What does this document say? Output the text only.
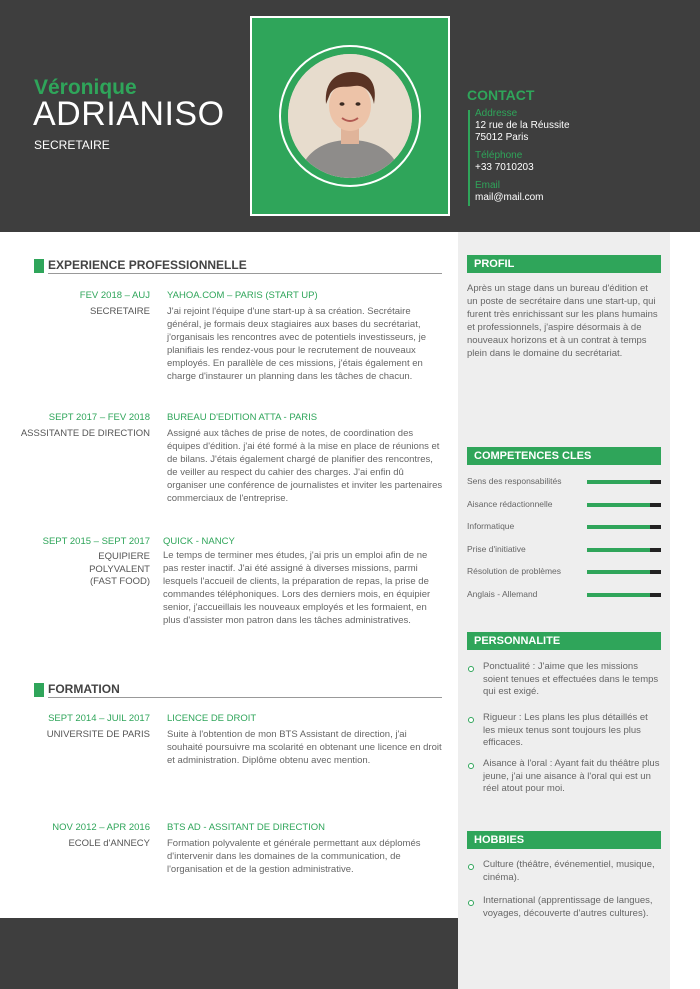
Véronique
ADRIANISO
SECRETAIRE
CONTACT
Addresse
12 rue de la Réussite
75012 Paris
Téléphone
+33 7010203
Email
mail@mail.com
PROFIL
Après un stage dans un bureau d'édition et un poste de secrétaire dans une start-up, qui furent très enrichissant sur les plans humains et professionnels, j'aspire désormais à de nouveaux horizons et à un contrat à temps plein dans le domaine du secrétariat.
COMPETENCES CLES
Sens des responsabilités
Aisance rédactionnelle
Informatique
Prise d'initiative
Résolution de problèmes
Anglais - Allemand
PERSONNALITE
Ponctualité : J'aime que les missions soient tenues et effectuées dans le temps qui est exigé.
Rigueur : Les plans les plus détaillés et les mieux tenus sont toujours les plus efficaces.
Aisance à l'oral : Ayant fait du théâtre plus jeune, j'ai une aisance à l'oral qui est un réel atout pour moi.
HOBBIES
Culture (théâtre, événementiel, musique, cinéma).
International (apprentissage de langues, voyages, découverte d'autres cultures).
EXPERIENCE PROFESSIONNELLE
FEV 2018 – AUJ
SECRETAIRE
YAHOA.COM – PARIS (START UP)
J'ai rejoint l'équipe d'une start-up à sa création. Secrétaire général, je formais deux stagiaires aux bases du secrétariat, j'organisais les rencontres avec de potentiels investisseurs, je planifiais les rendez-vous pour le recrutement de nouveaux employés. En parallèle de ces missions, j'étais également en charge d'instaurer un planning dans les tâches de chacun.
SEPT 2017 – FEV 2018
ASSSITANTE DE DIRECTION
BUREAU D'EDITION ATTA - PARIS
Assigné aux tâches de prise de notes, de coordination des équipes d'édition. j'ai été formé à la mise en place de réunions et de bilans. J'étais également chargé de planifier des rencontres, de veiller au respect du cahier des charges. J'ai enfin dû organiser une conférence de journalistes et inviter les partenaires commerciaux de l'entreprise.
SEPT 2015 – SEPT 2017
EQUIPIERE POLYVALENT (FAST FOOD)
QUICK - NANCY
Le temps de terminer mes études, j'ai pris un emploi afin de ne pas rester inactif. J'ai été assigné à diverses missions, parmi lesquels l'accueil de clients, la préparation de repas, la prise de commandes téléphoniques. Lors des derniers mois, en équipier senior, j'accueillais les nouveaux employés et les formaient, en plus d'assister mon patron dans les tâches administratives.
FORMATION
SEPT 2014 – JUIL 2017
UNIVERSITE DE PARIS
LICENCE DE DROIT
Suite à l'obtention de mon BTS Assistant de direction, j'ai souhaité poursuivre ma scolarité en obtenant une licence en droit et administration. Diplôme obtenu avec mention.
NOV 2012 – APR 2016
ECOLE d'ANNECY
BTS AD - ASSITANT DE DIRECTION
Formation polyvalente et générale permettant aux déplomés d'intervenir dans les domaines de la communication, de l'organisation et de la gestion administrative.
